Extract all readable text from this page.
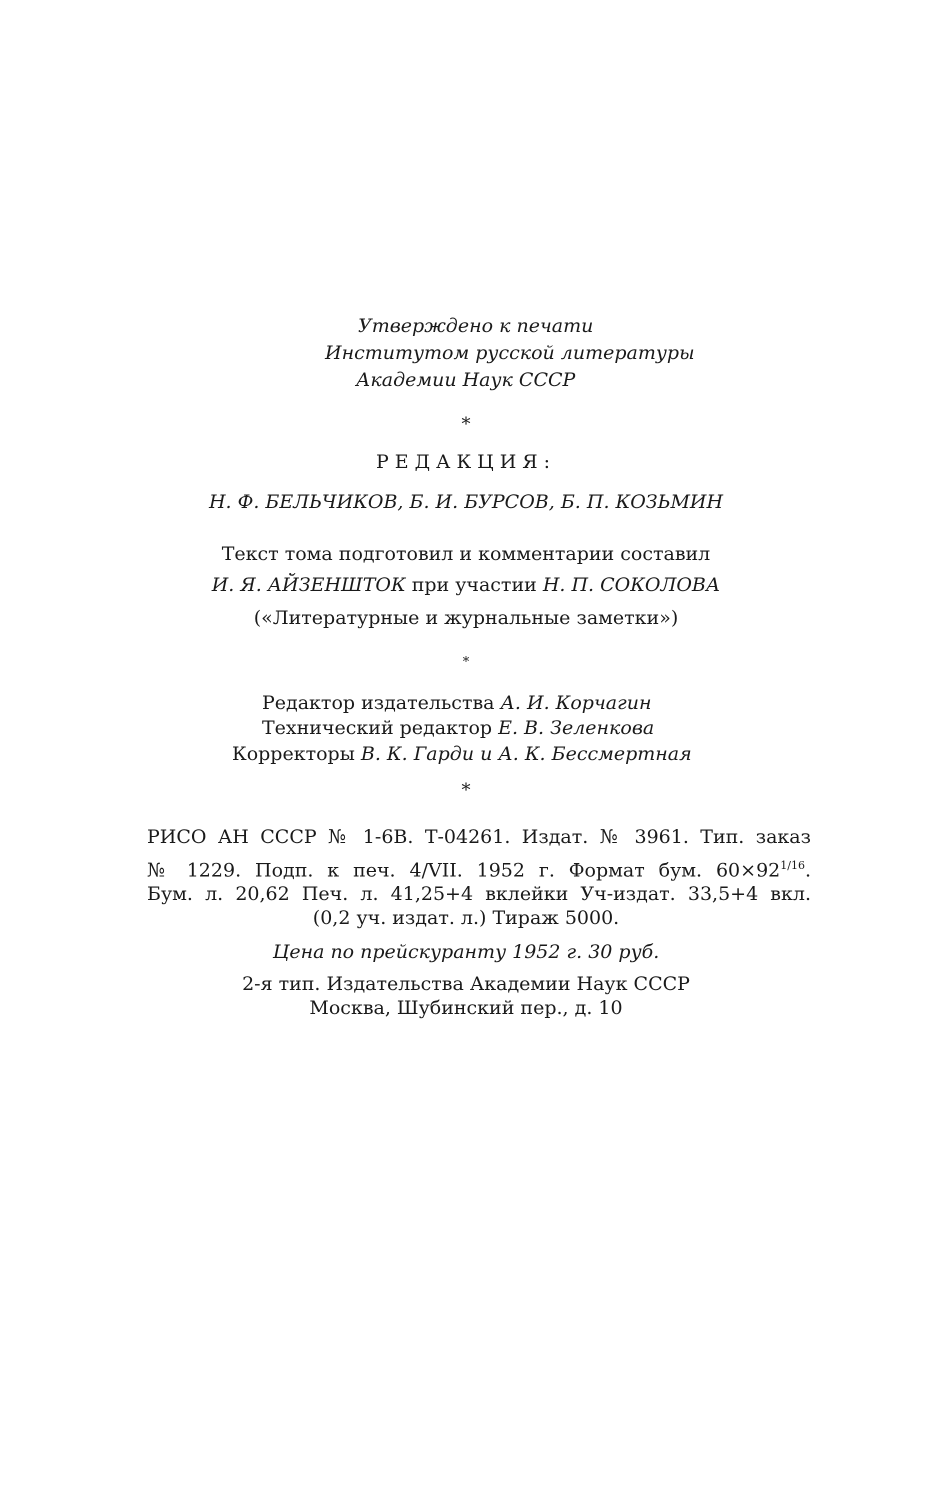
Утверждено к печати
Институтом русской литературы
Академии Наук СССР
*
РЕДАКЦИЯ:
Н. Ф. БЕЛЬЧИКОВ, Б. И. БУРСОВ, Б. П. КОЗЬМИН
Текст тома подготовил и комментарии составил
И. Я. АЙЗЕНШТОК при участии Н. П. СОКОЛОВА
(«Литературные и журнальные заметки»)
*
Редактор издательства А. И. Корчагин
Технический редактор Е. В. Зеленкова
Корректоры В. К. Гарди и А. К. Бессмертная
*
РИСО АН СССР № 1-6В. Т-04261. Издат. № 3961. Тип. заказ
№ 1229. Подп. к печ. 4/VII. 1952 г. Формат бум. $60\times 92^{1/16}$.
Бум. л. 20,62 Печ. л. 41,25+4 вклейки Уч-издат. 33,5+4 вкл.
(0,2 уч. издат. л.) Тираж 5000.
Цена по прейскуранту 1952 г. 30 руб.
2-я тип. Издательства Академии Наук СССР
Москва, Шубинский пер., д. 10
